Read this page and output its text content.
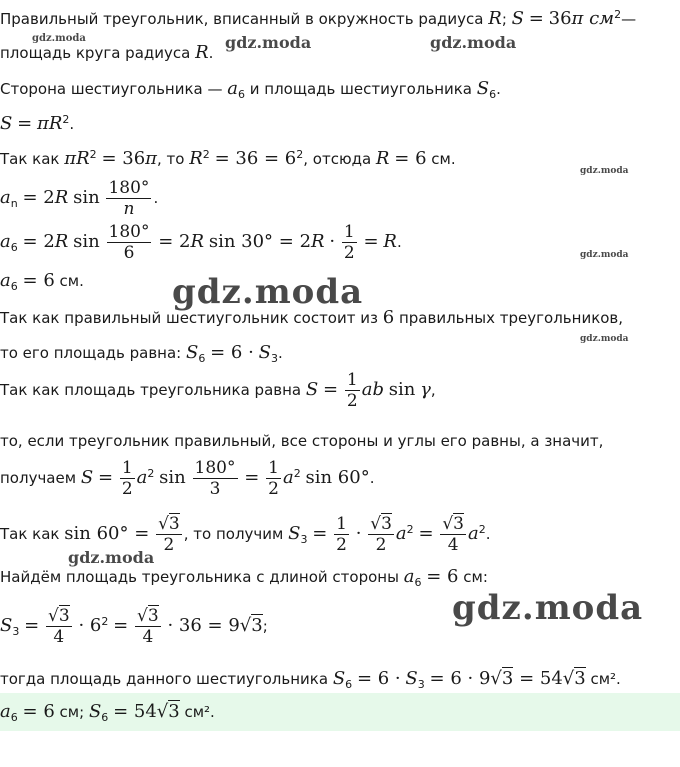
Правильный треугольник, вписанный в окружность радиуса R; S = 36π $см^2—$
площадь круга радиуса R.
Сторона шестиугольника — $a_6$ и площадь шестиугольника $S_6$.
$S = \pi R^2$.
Так как $\pi R^2 = 36\pi$, то $R^2 = 36 = 6^2$, отсюда R = 6 см.
$a_n = 2R$ $\sin \frac{180^\circ}{n}$ .
$a_6 = 2R$ $\sin \frac{180^\circ}{6} = 2R$ $\sin 30^\circ = 2R \cdot \frac{1}{2} = R$.
$a_6 = 6$ см.
Так как правильный шестиугольник состоит из 6 правильных треугольников,
то его площадь равна: $S_6 = 6 \cdot S_3$.
Так как площадь треугольника равна $S = \frac{1}{2}$ ab sin γ,
то, если треугольник правильный, все стороны и углы его равны, а значит,
получаем $S = \frac{1}{2} a^2$ $\sin \frac{180^\circ}{3} = \frac{1}{2} a^2$ sin 60°.
Так как $\sin 60^\circ = \frac{√3}{2}$ , то получим $S_3 = \frac{1}{2} \cdot \frac{√3}{2} a^2 = \frac{√3}{4} a^2$.
Найдём площадь треугольника с длиной стороны $a_6 = 6$ см:
$S_3 = \frac{√3}{4} \cdot 6^2 = \frac{√3}{4} \cdot 36 = 9√3$;
тогда площадь данного шестиугольника $S_6 = 6 \cdot S_3 = 6 \cdot 9√3 = 54√3$ см².
$a_6 = 6$ см; $S_6 = 54√3$ см².
gdz.moda	gdz.moda	gdz.moda
gdz.moda
gdz.moda
gdz.moda
gdz.moda
gdz.moda
gdz.moda
